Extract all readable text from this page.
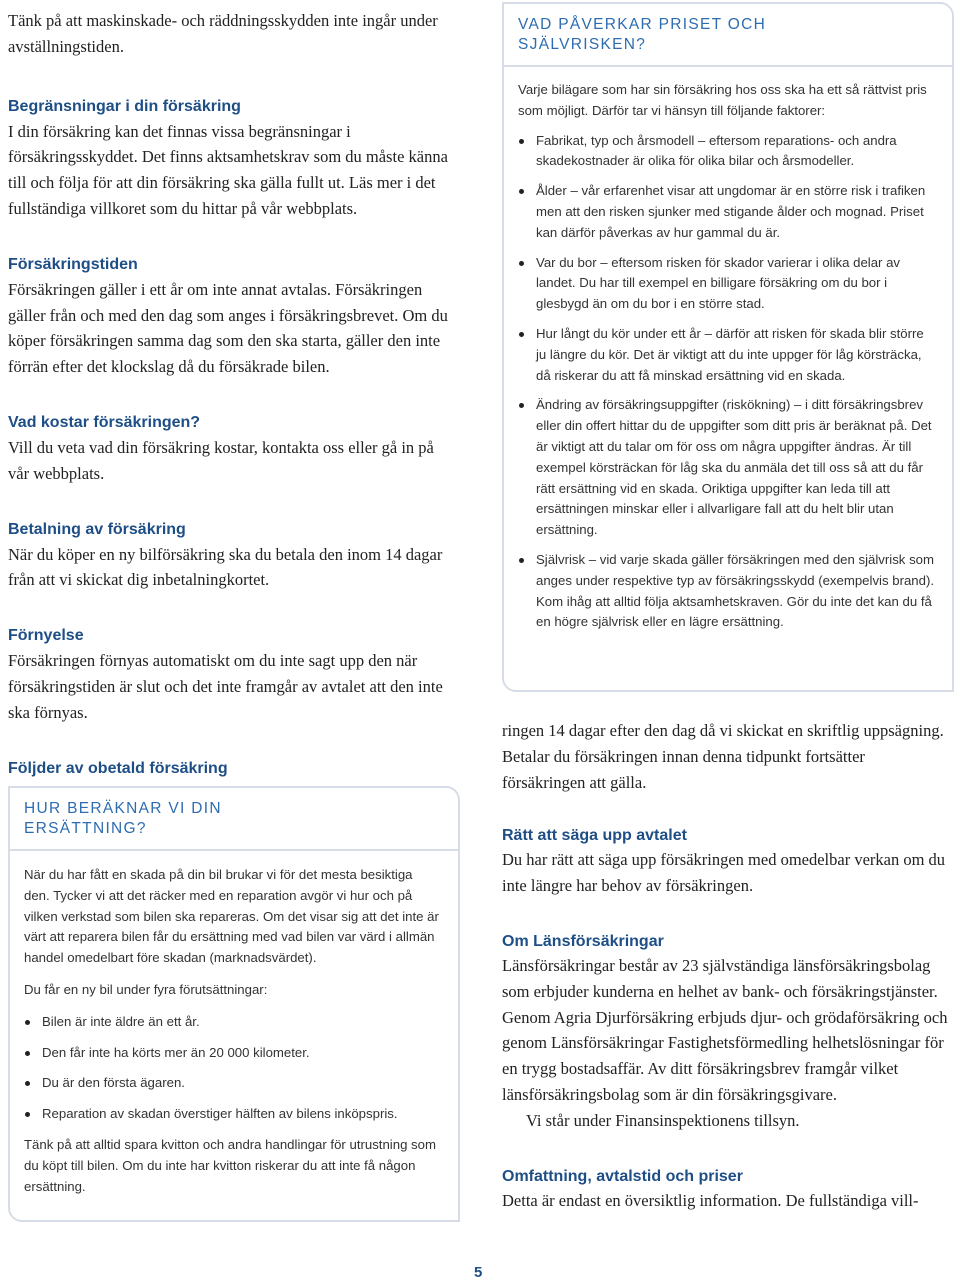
Tänk på att maskinskade- och räddningsskydden inte ingår under avställningstiden.

Begränsningar i din försäkring

I din försäkring kan det finnas vissa begränsningar i försäkringsskyddet. Det finns aktsamhetskrav som du måste känna till och följa för att din försäkring ska gälla fullt ut. Läs mer i det fullständiga villkoret som du hittar på vår webbplats.

Försäkringstiden

Försäkringen gäller i ett år om inte annat avtalas. Försäkringen gäller från och med den dag som anges i försäkringsbrevet. Om du köper försäkringen samma dag som den ska starta, gäller den inte förrän efter det klockslag då du försäkrade bilen.

Vad kostar försäkringen?

Vill du veta vad din försäkring kostar, kontakta oss eller gå in på vår webbplats.

Betalning av försäkring

När du köper en ny bilförsäkring ska du betala den inom 14 dagar från att vi skickat dig inbetalningkortet.

Förnyelse

Försäkringen förnyas automatiskt om du inte sagt upp den när försäkringstiden är slut och det inte framgår av avtalet att den inte ska förnyas.

Följder av obetald försäkring

HUR BERÄKNAR VI DIN ERSÄTTNING?

När du har fått en skada på din bil brukar vi för det mesta besiktiga den. Tycker vi att det räcker med en reparation avgör vi hur och på vilken verkstad som bilen ska repareras. Om det visar sig att det inte är värt att reparera bilen får du ersättning med vad bilen var värd i allmän handel omedelbart före skadan (marknadsvärdet).

Du får en ny bil under fyra förutsättningar:

Bilen är inte äldre än ett år.
Den får inte ha körts mer än 20 000 kilometer.
Du är den första ägaren.
Reparation av skadan överstiger hälften av bilens inköpspris.

Tänk på att alltid spara kvitton och andra handlingar för utrustning som du köpt till bilen. Om du inte har kvitton riskerar du att inte få någon ersättning.

VAD PÅVERKAR PRISET OCH SJÄLVRISKEN?

Varje bilägare som har sin försäkring hos oss ska ha ett så rättvist pris som möjligt. Därför tar vi hänsyn till följande faktorer:

Fabrikat, typ och årsmodell – eftersom reparations- och andra skadekostnader är olika för olika bilar och årsmodeller.
Ålder – vår erfarenhet visar att ungdomar är en större risk i trafiken men att den risken sjunker med stigande ålder och mognad. Priset kan därför påverkas av hur gammal du är.
Var du bor – eftersom risken för skador varierar i olika delar av landet. Du har till exempel en billigare försäkring om du bor i glesbygd än om du bor i en större stad.
Hur långt du kör under ett år – därför att risken för skada blir större ju längre du kör. Det är viktigt att du inte uppger för låg körsträcka, då riskerar du att få minskad ersättning vid en skada.
Ändring av försäkringsuppgifter (riskökning) – i ditt försäkringsbrev eller din offert hittar du de uppgifter som ditt pris är beräknat på. Det är viktigt att du talar om för oss om några uppgifter ändras. Är till exempel körsträckan för låg ska du anmäla det till oss så att du får rätt ersättning vid en skada. Oriktiga uppgifter kan leda till att ersättningen minskar eller i allvarligare fall att du helt blir utan ersättning.
Självrisk – vid varje skada gäller försäkringen med den självrisk som anges under respektive typ av försäkringsskydd (exempelvis brand). Kom ihåg att alltid följa aktsamhetskraven. Gör du inte det kan du få en högre självrisk eller en lägre ersättning.

ringen 14 dagar efter den dag då vi skickat en skriftlig uppsägning. Betalar du försäkringen innan denna tidpunkt fortsätter försäkringen att gälla.

Rätt att säga upp avtalet

Du har rätt att säga upp försäkringen med omedelbar verkan om du inte längre har behov av försäkringen.

Om Länsförsäkringar

Länsförsäkringar består av 23 självständiga länsförsäkringsbolag som erbjuder kunderna en helhet av bank- och försäkringstjänster. Genom Agria Djurförsäkring erbjuds djur- och grödaförsäkring och genom Länsförsäkringar Fastighetsförmedling helhetslösningar för en trygg bostadsaffär. Av ditt försäkringsbrev framgår vilket länsförsäkringsbolag som är din försäkringsgivare.

Vi står under Finansinspektionens tillsyn.

Omfattning, avtalstid och priser

Detta är endast en översiktlig information. De fullständiga vill-

5
